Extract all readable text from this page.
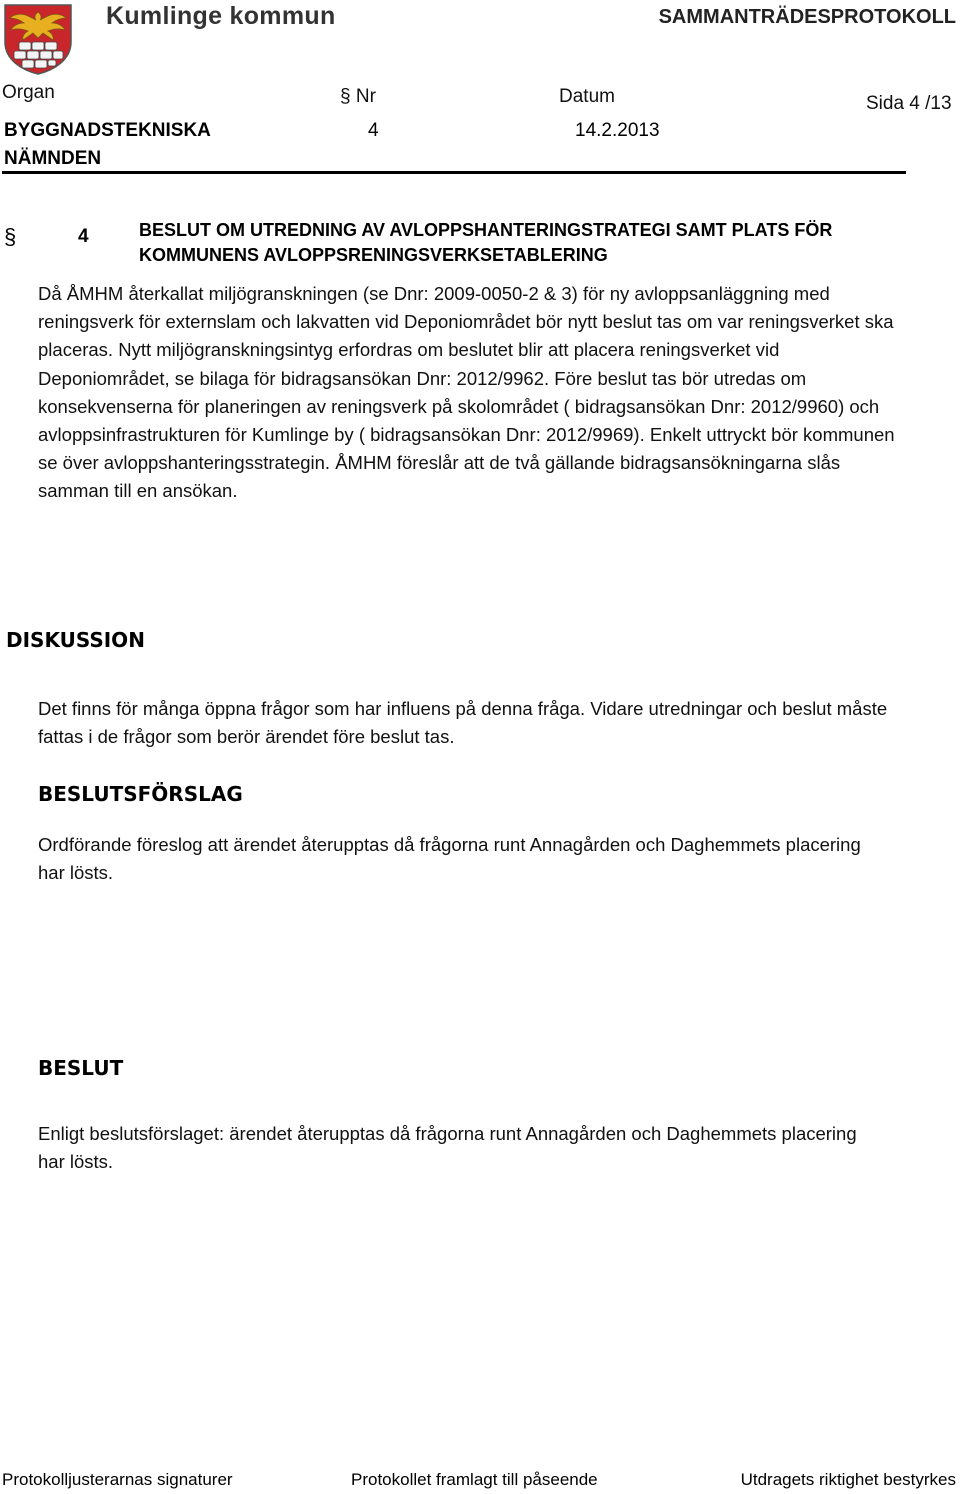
Kumlinge kommun	SAMMANTRÄDESPROTOKOLL
Organ	§ Nr	Datum	Sida 4 /13
BYGGNADSTEKNISKA
NÄMNDEN
4	14.2.2013
§	4	BESLUT OM UTREDNING AV AVLOPPSHANTERINGSTRATEGI SAMT PLATS FÖR KOMMUNENS AVLOPPSRENINGSVERKSETABLERING
Då ÅMHM återkallat miljögranskningen (se Dnr: 2009-0050-2 & 3) för ny avloppsanläggning med reningsverk för externslam och lakvatten vid Deponiområdet bör nytt beslut tas om var reningsverket ska placeras. Nytt miljögranskningsintyg erfordras om beslutet blir att placera reningsverket vid Deponiområdet, se bilaga för bidragsansökan Dnr: 2012/9962. Före beslut tas bör utredas om konsekvenserna för planeringen av reningsverk på skolområdet ( bidragsansökan Dnr: 2012/9960) och avloppsinfrastrukturen för Kumlinge by ( bidragsansökan Dnr: 2012/9969). Enkelt uttryckt bör kommunen se över avloppshanteringsstrategin. ÅMHM föreslår att de två gällande bidragsansökningarna slås samman till en ansökan.
DISKUSSION
Det finns för många öppna frågor som har influens på denna fråga. Vidare utredningar och beslut måste fattas i de frågor som berör ärendet före beslut tas.
BESLUTSFÖRSLAG
Ordförande föreslog att ärendet återupptas då frågorna runt Annagården och Daghemmets placering har lösts.
BESLUT
Enligt beslutsförslaget: ärendet återupptas då frågorna runt Annagården och Daghemmets placering har lösts.
Protokolljusterarnas signaturer	Protokollet framlagt till påseende	Utdragets riktighet bestyrkes
